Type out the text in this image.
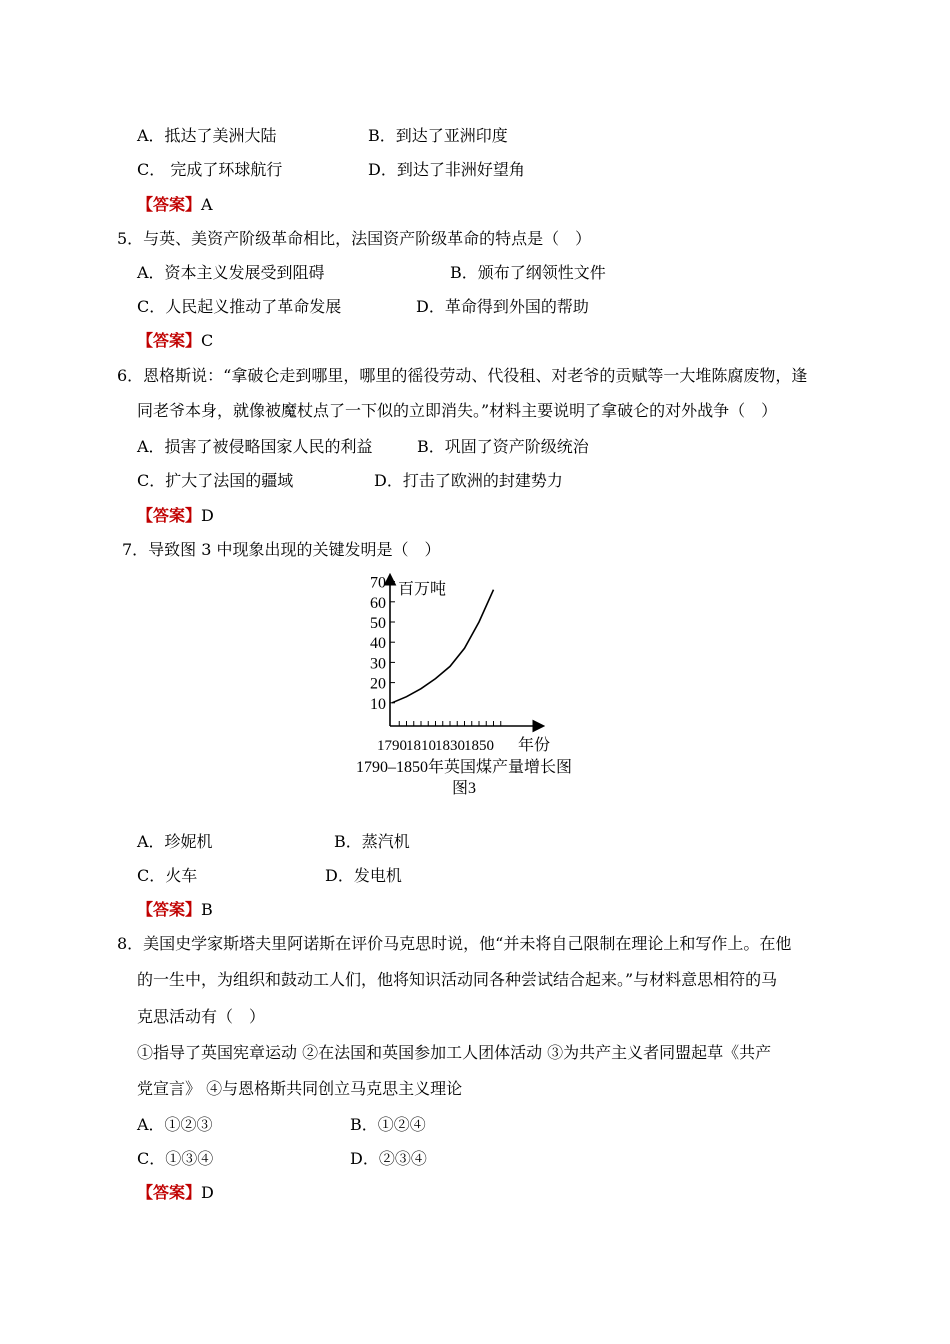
A．抵达了美洲大陆	B．到达了亚洲印度
C． 完成了环球航行	D．到达了非洲好望角
【答案】A
5．与英、美资产阶级革命相比，法国资产阶级革命的特点是（　）
A．资本主义发展受到阻碍	B．颁布了纲领性文件
C．人民起义推动了革命发展	D．革命得到外国的帮助
【答案】C
6．恩格斯说：“拿破仑走到哪里，哪里的徭役劳动、代役租、对老爷的贡赋等一大堆陈腐废物，逢
同老爷本身，就像被魔杖点了一下似的立即消失。”材料主要说明了拿破仑的对外战争（　）
A．损害了被侵略国家人民的利益	B．巩固了资产阶级统治
C．扩大了法国的疆域	D．打击了欧洲的封建势力
【答案】D
7．导致图 3 中现象出现的关键发明是（　）
70
60
50
40
30
20
10
1790 1810 1830 1850
百万吨
年份
1790–1850年英国煤产量增长图
图3
A．珍妮机	B．蒸汽机
C．火车	D．发电机
【答案】B
8．美国史学家斯塔夫里阿诺斯在评价马克思时说，他“并未将自己限制在理论上和写作上。在他
的一生中，为组织和鼓动工人们，他将知识活动同各种尝试结合起来。”与材料意思相符的马
克思活动有（　）
①指导了英国宪章运动 ②在法国和英国参加工人团体活动 ③为共产主义者同盟起草《共产
党宣言》 ④与恩格斯共同创立马克思主义理论
A．①②③	B．①②④
C．①③④	D．②③④
【答案】D
